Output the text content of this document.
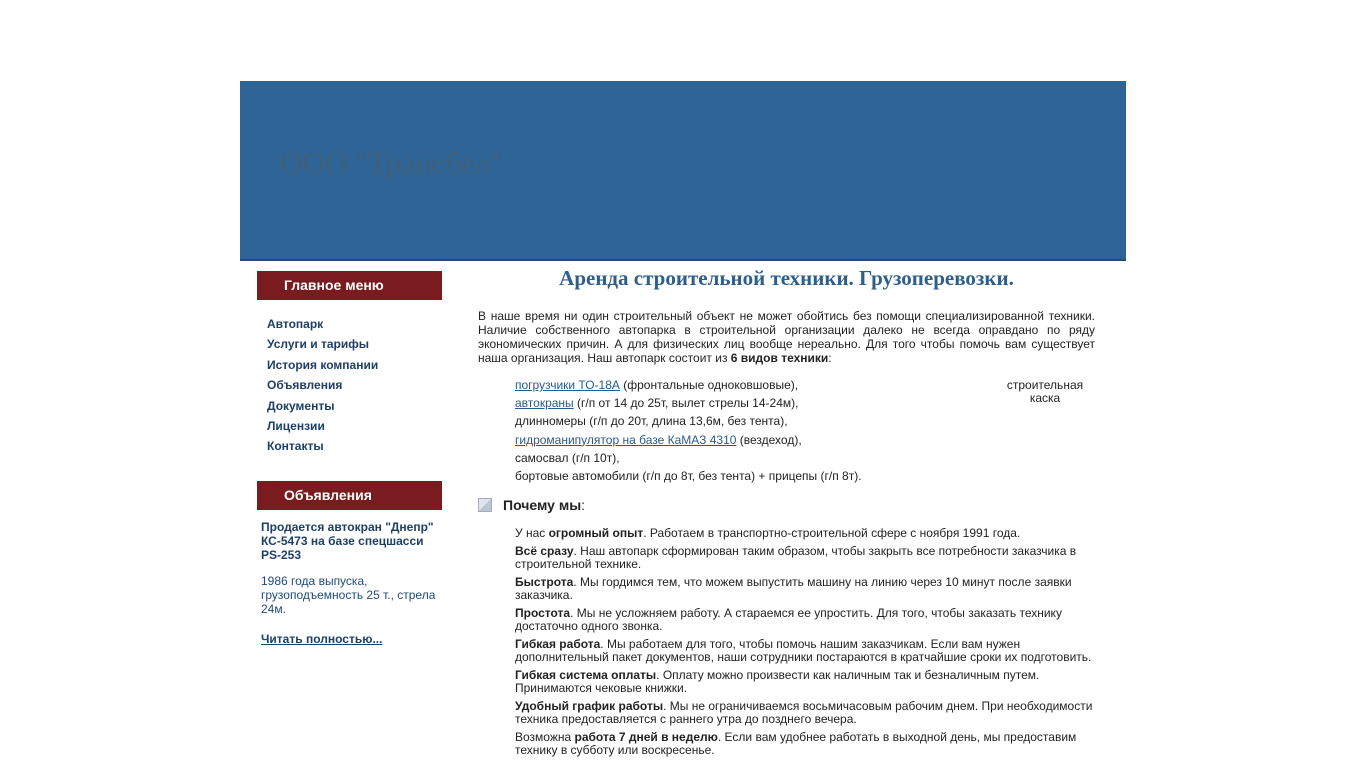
ООО "Трансбел"
Главное меню
Автопарк
Услуги и тарифы
История компании
Объявления
Документы
Лицензии
Контакты
Объявления
Продается автокран "Днепр" КС-5473 на базе спецшасси PS-253
1986 года выпуска, грузоподъемность 25 т., стрела 24м.
Читать полностью...
Аренда строительной техники. Грузоперевозки.
В наше время ни один строительный объект не может обойтись без помощи специализированной техники. Наличие собственного автопарка в строительной организации далеко не всегда оправдано по ряду экономических причин. А для физических лиц вообще нереально. Для того чтобы помочь вам существует наша организация. Наш автопарк состоит из 6 видов техники:
погрузчики ТО-18А (фронтальные одноковшовые),
автокраны (г/п от 14 до 25т, вылет стрелы 14-24м),
длинномеры (г/п до 20т, длина 13,6м, без тента),
гидроманипулятор на базе КаМАЗ 4310 (вездеход),
самосвал (г/п 10т),
бортовые автомобили (г/п до 8т, без тента) + прицепы (г/п 8т).
строительная каска
Почему мы:
У нас огромный опыт. Работаем в транспортно-строительной сфере с ноября 1991 года.
Всё сразу. Наш автопарк сформирован таким образом, чтобы закрыть все потребности заказчика в строительной технике.
Быстрота. Мы гордимся тем, что можем выпустить машину на линию через 10 минут после заявки заказчика.
Простота. Мы не усложняем работу. А стараемся ее упростить. Для того, чтобы заказать технику достаточно одного звонка.
Гибкая работа. Мы работаем для того, чтобы помочь нашим заказчикам. Если вам нужен дополнительный пакет документов, наши сотрудники постараются в кратчайшие сроки их подготовить.
Гибкая система оплаты. Оплату можно произвести как наличным так и безналичным путем. Принимаются чековые книжки.
Удобный график работы. Мы не ограничиваемся восьмичасовым рабочим днем. При необходимости техника предоставляется с раннего утра до позднего вечера.
Возможна работа 7 дней в неделю. Если вам удобнее работать в выходной день, мы предоставим технику в субботу или воскресенье.
